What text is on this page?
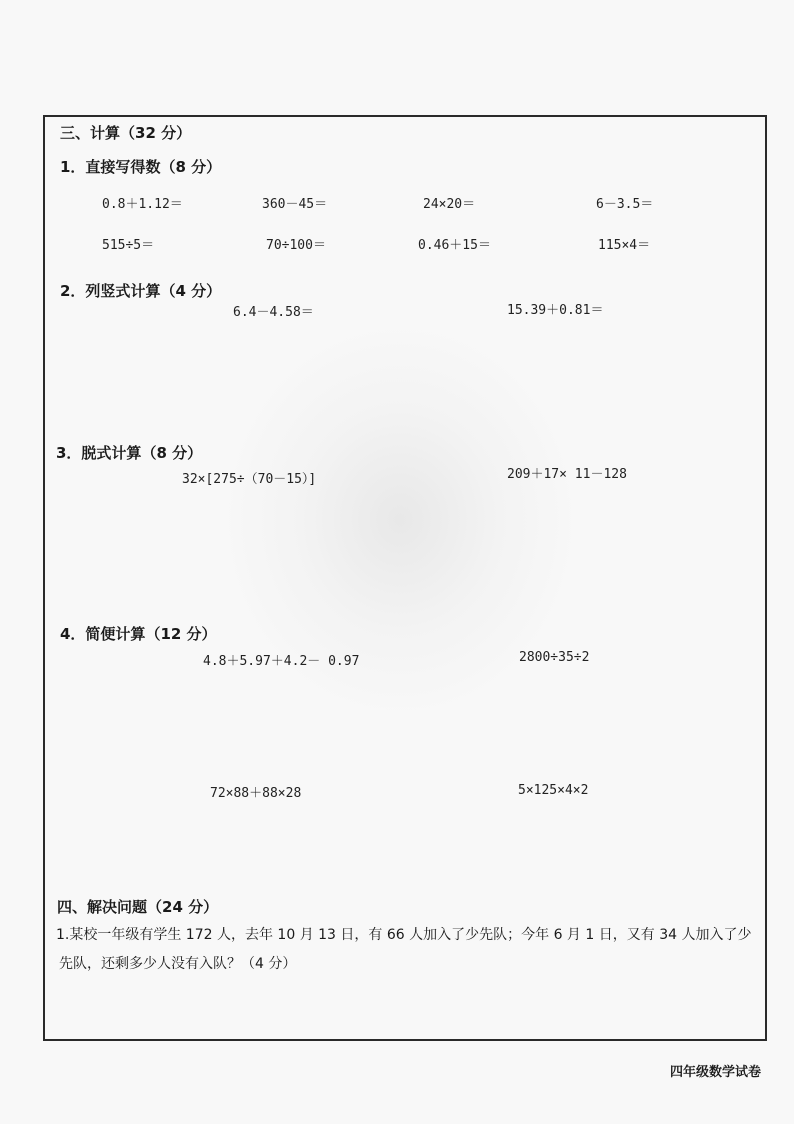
三、计算（32 分）
1．直接写得数（8 分）
0.8＋1.12＝	360－45＝	24×20＝	6－3.5＝
515÷5＝	70÷100＝	0.46＋15＝	115×4＝
2．列竖式计算（4 分）
6.4－4.58＝	15.39＋0.81＝
3．脱式计算（8 分）
32×[275÷（70－15）]	209＋17× 11－128
4．简便计算（12 分）
4.8＋5.97＋4.2－ 0.97	2800÷35÷2
72×88＋88×28	5×125×4×2
四、解决问题（24 分）
1.某校一年级有学生 172 人，去年 10 月 13 日，有 66 人加入了少先队；今年 6 月 1 日，又有 34 人加入了少
先队，还剩多少人没有入队？（4 分）
四年级数学试卷
